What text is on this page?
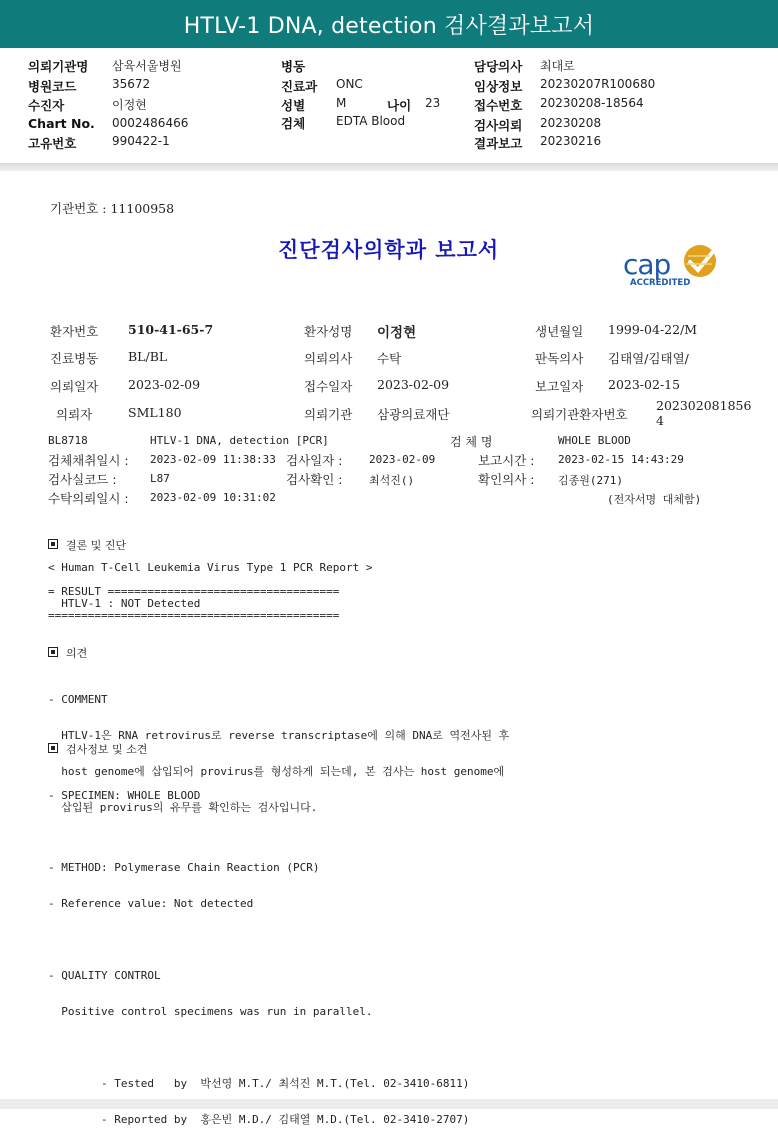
HTLV-1 DNA, detection 검사결과보고서
의뢰기관명 삼육서울병원
병원코드	35672
수진자	이정현
Chart No. 0002486466
고유번호	990422-1
병동
진료과 ONC
성별	M	나이 23
검체	EDTA Blood
담당의사 최대로
임상정보 20230207R100680
접수번호 20230208-18564
검사의뢰 20230208
결과보고 20230216
기관번호 : 11100958
진단검사의학과 보고서	cap
ACCREDITED
환자번호 510-41-65-7	환자성명 이정현	생년월일 1999-04-22/M
진료병동 BL/BL	의뢰의사 수탁	판독의사 김태열/김태열/
의뢰일자 2023-02-09	접수일자 2023-02-09	보고일자 2023-02-15
의뢰자	SML180	의뢰기관 삼광의료재단	의뢰기관환자번호
202302081856
4
BL8718	HTLV-1 DNA, detection [PCR]	검 체 명	WHOLE BLOOD
검체채취일시 : 2023-02-09 11:38:33 검사일자 : 2023-02-09	보고시간 : 2023-02-15 14:43:29
검사실코드 :	L87	검사확인 : 최석진()	확인의사 : 김종원(271)
수탁의뢰일시 : 2023-02-09 10:31:02	(전자서명 대체함)
결론 및 진단
< Human T-Cell Leukemia Virus Type 1 PCR Report >
= RESULT ===================================
HTLV-1 : NOT Detected
============================================
의견

- COMMENT

HTLV-1은 RNA retrovirus로 reverse transcriptase에 의해 DNA로 역전사된 후

host genome에 삽입되어 provirus를 형성하게 되는데, 본 검사는 host genome에

삽입된 provirus의 유무를 확인하는 검사입니다.

검사정보 및 소견

- SPECIMEN: WHOLE BLOOD

- METHOD: Polymerase Chain Reaction (PCR)

- Reference value: Not detected

- QUALITY CONTROL

Positive control specimens was run in parallel.

- Tested   by  박선영 M.T./ 최석진 M.T.(Tel. 02-3410-6811)

- Reported by  홍은빈 M.D./ 김태열 M.D.(Tel. 02-3410-2707)
